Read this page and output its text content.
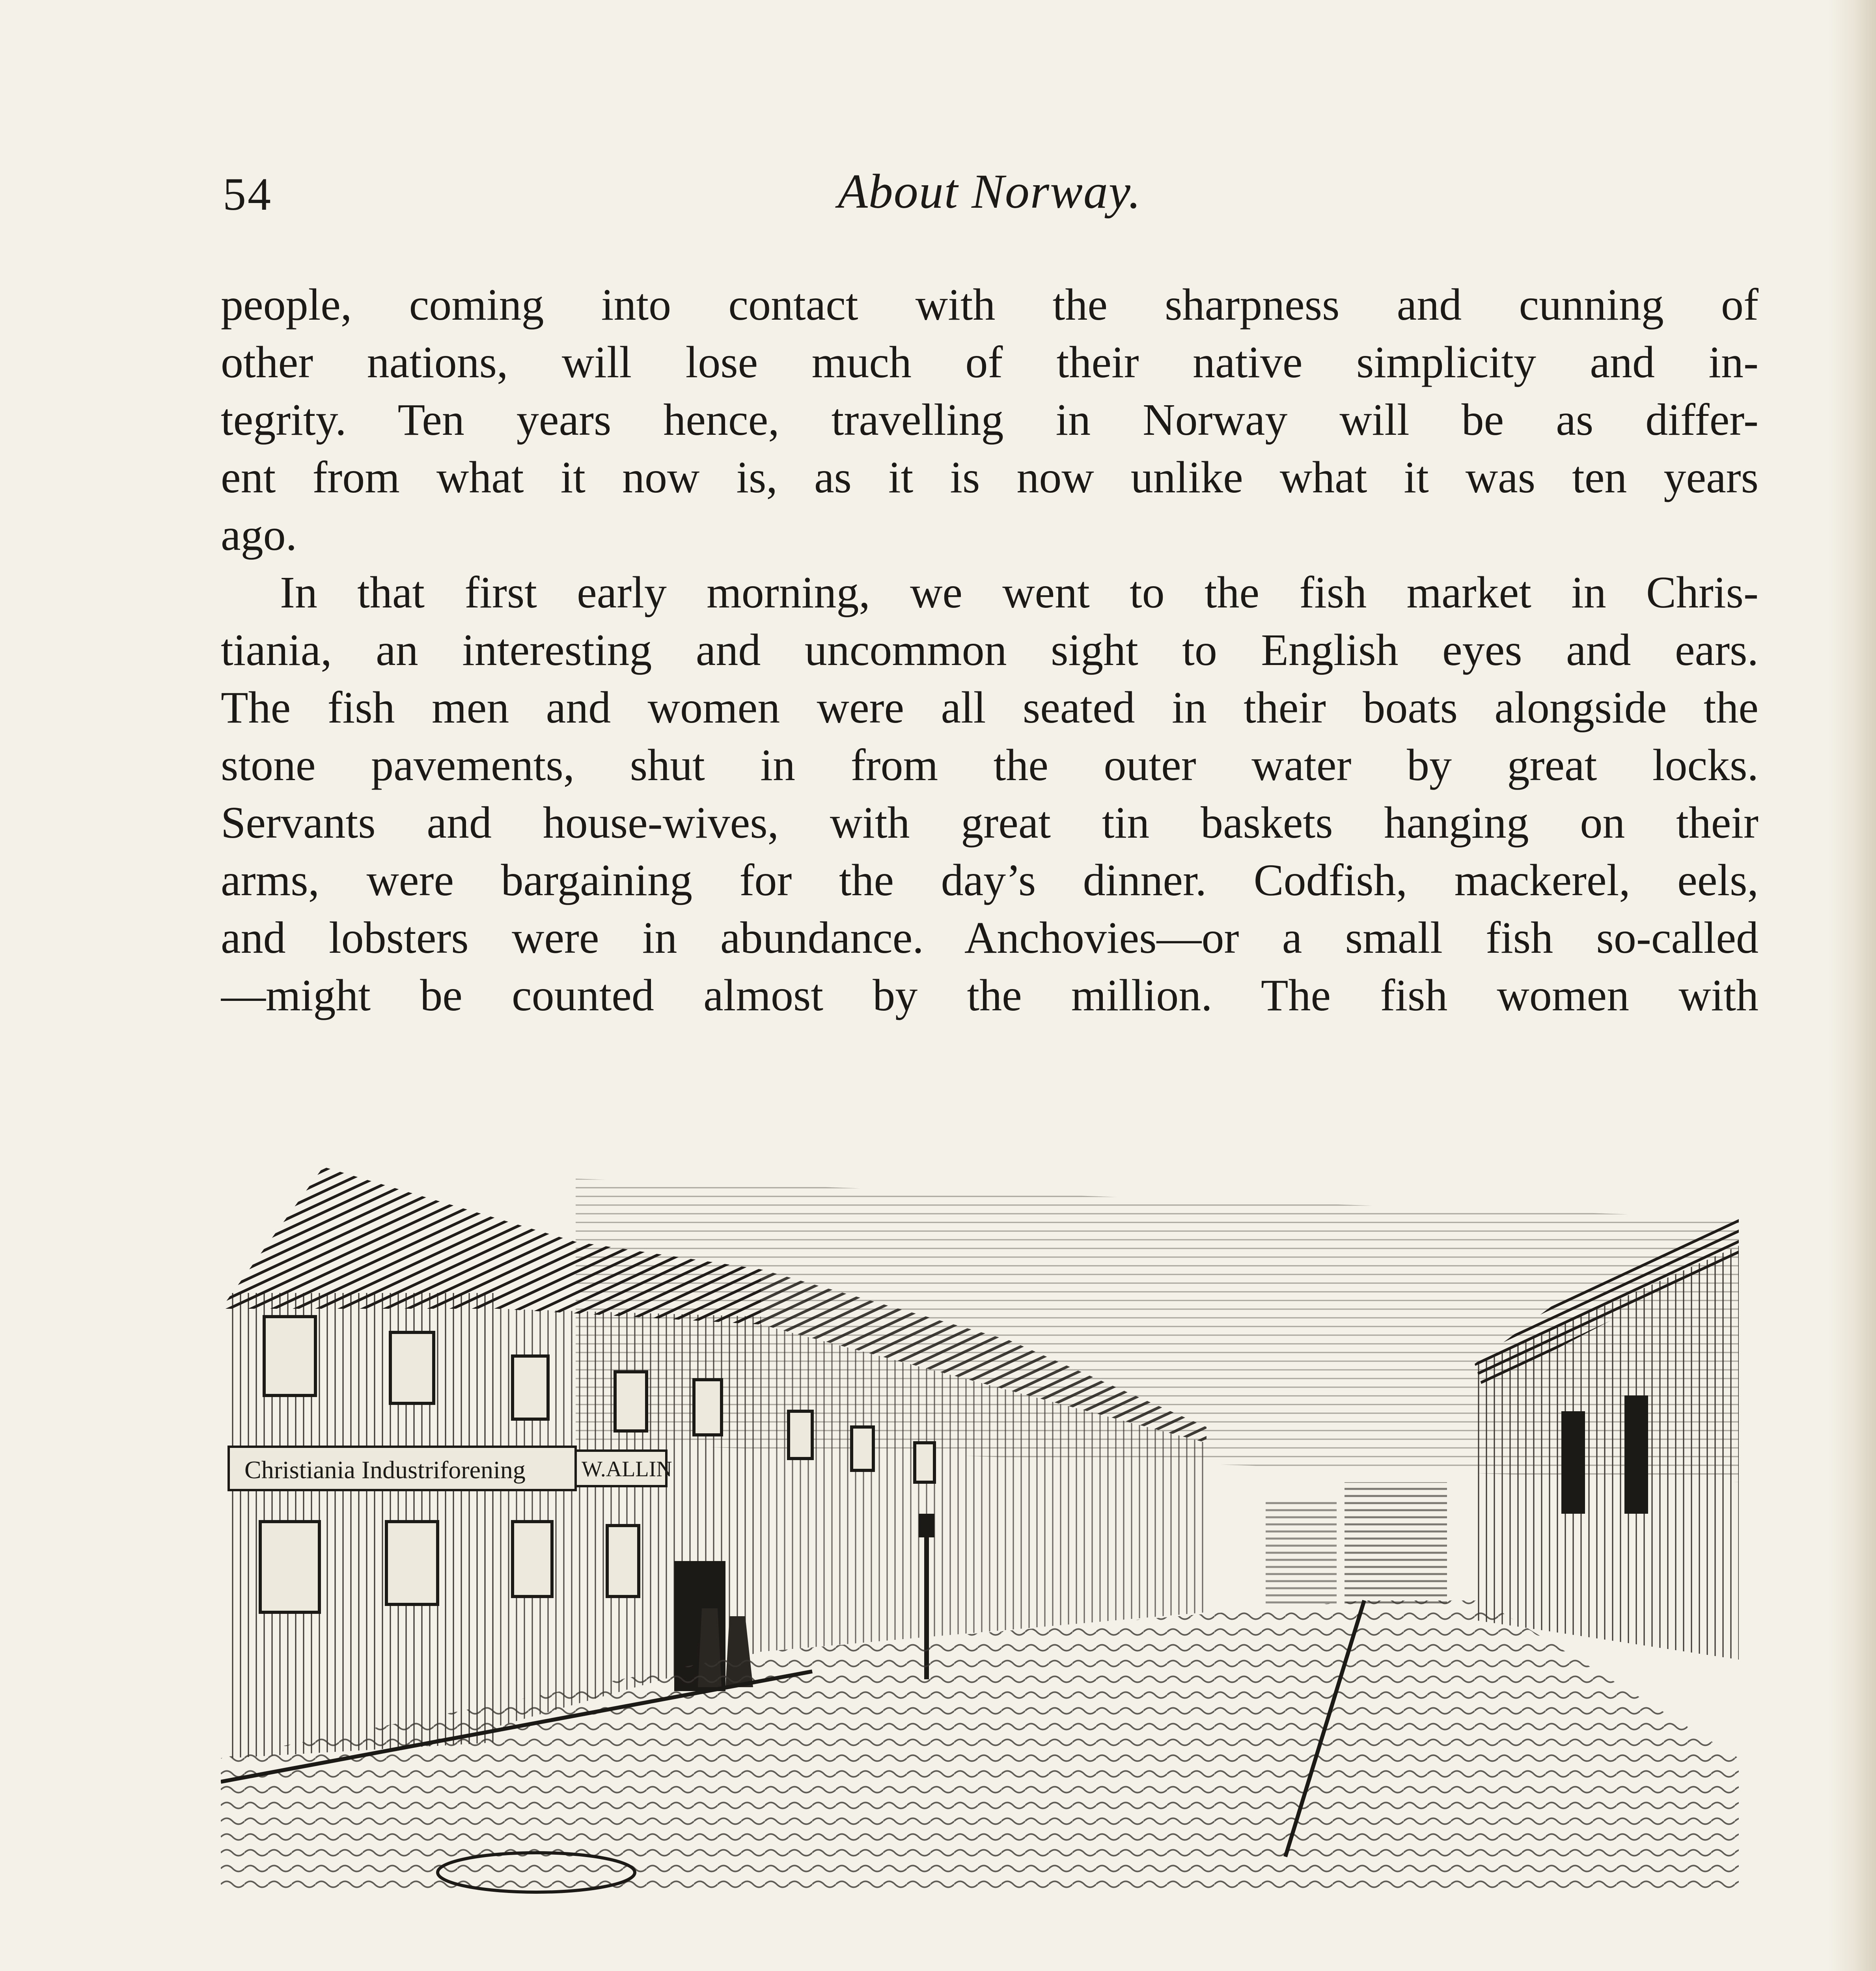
54	About Norway.
people, coming into contact with the sharpness and cunning of
other nations, will lose much of their native simplicity and in-
tegrity. Ten years hence, travelling in Norway will be as differ-
ent from what it now is, as it is now unlike what it was ten years
ago.
In that first early morning, we went to the fish market in Chris-
tiania, an interesting and uncommon sight to English eyes and ears.
The fish men and women were all seated in their boats alongside the
stone pavements, shut in from the outer water by great locks.
Servants and house-wives, with great tin baskets hanging on their
arms, were bargaining for the day’s dinner. Codfish, mackerel, eels,
and lobsters were in abundance. Anchovies—or a small fish so-called
—might be counted almost by the million. The fish women with
Christiania Industriforening	W.ALLIN
